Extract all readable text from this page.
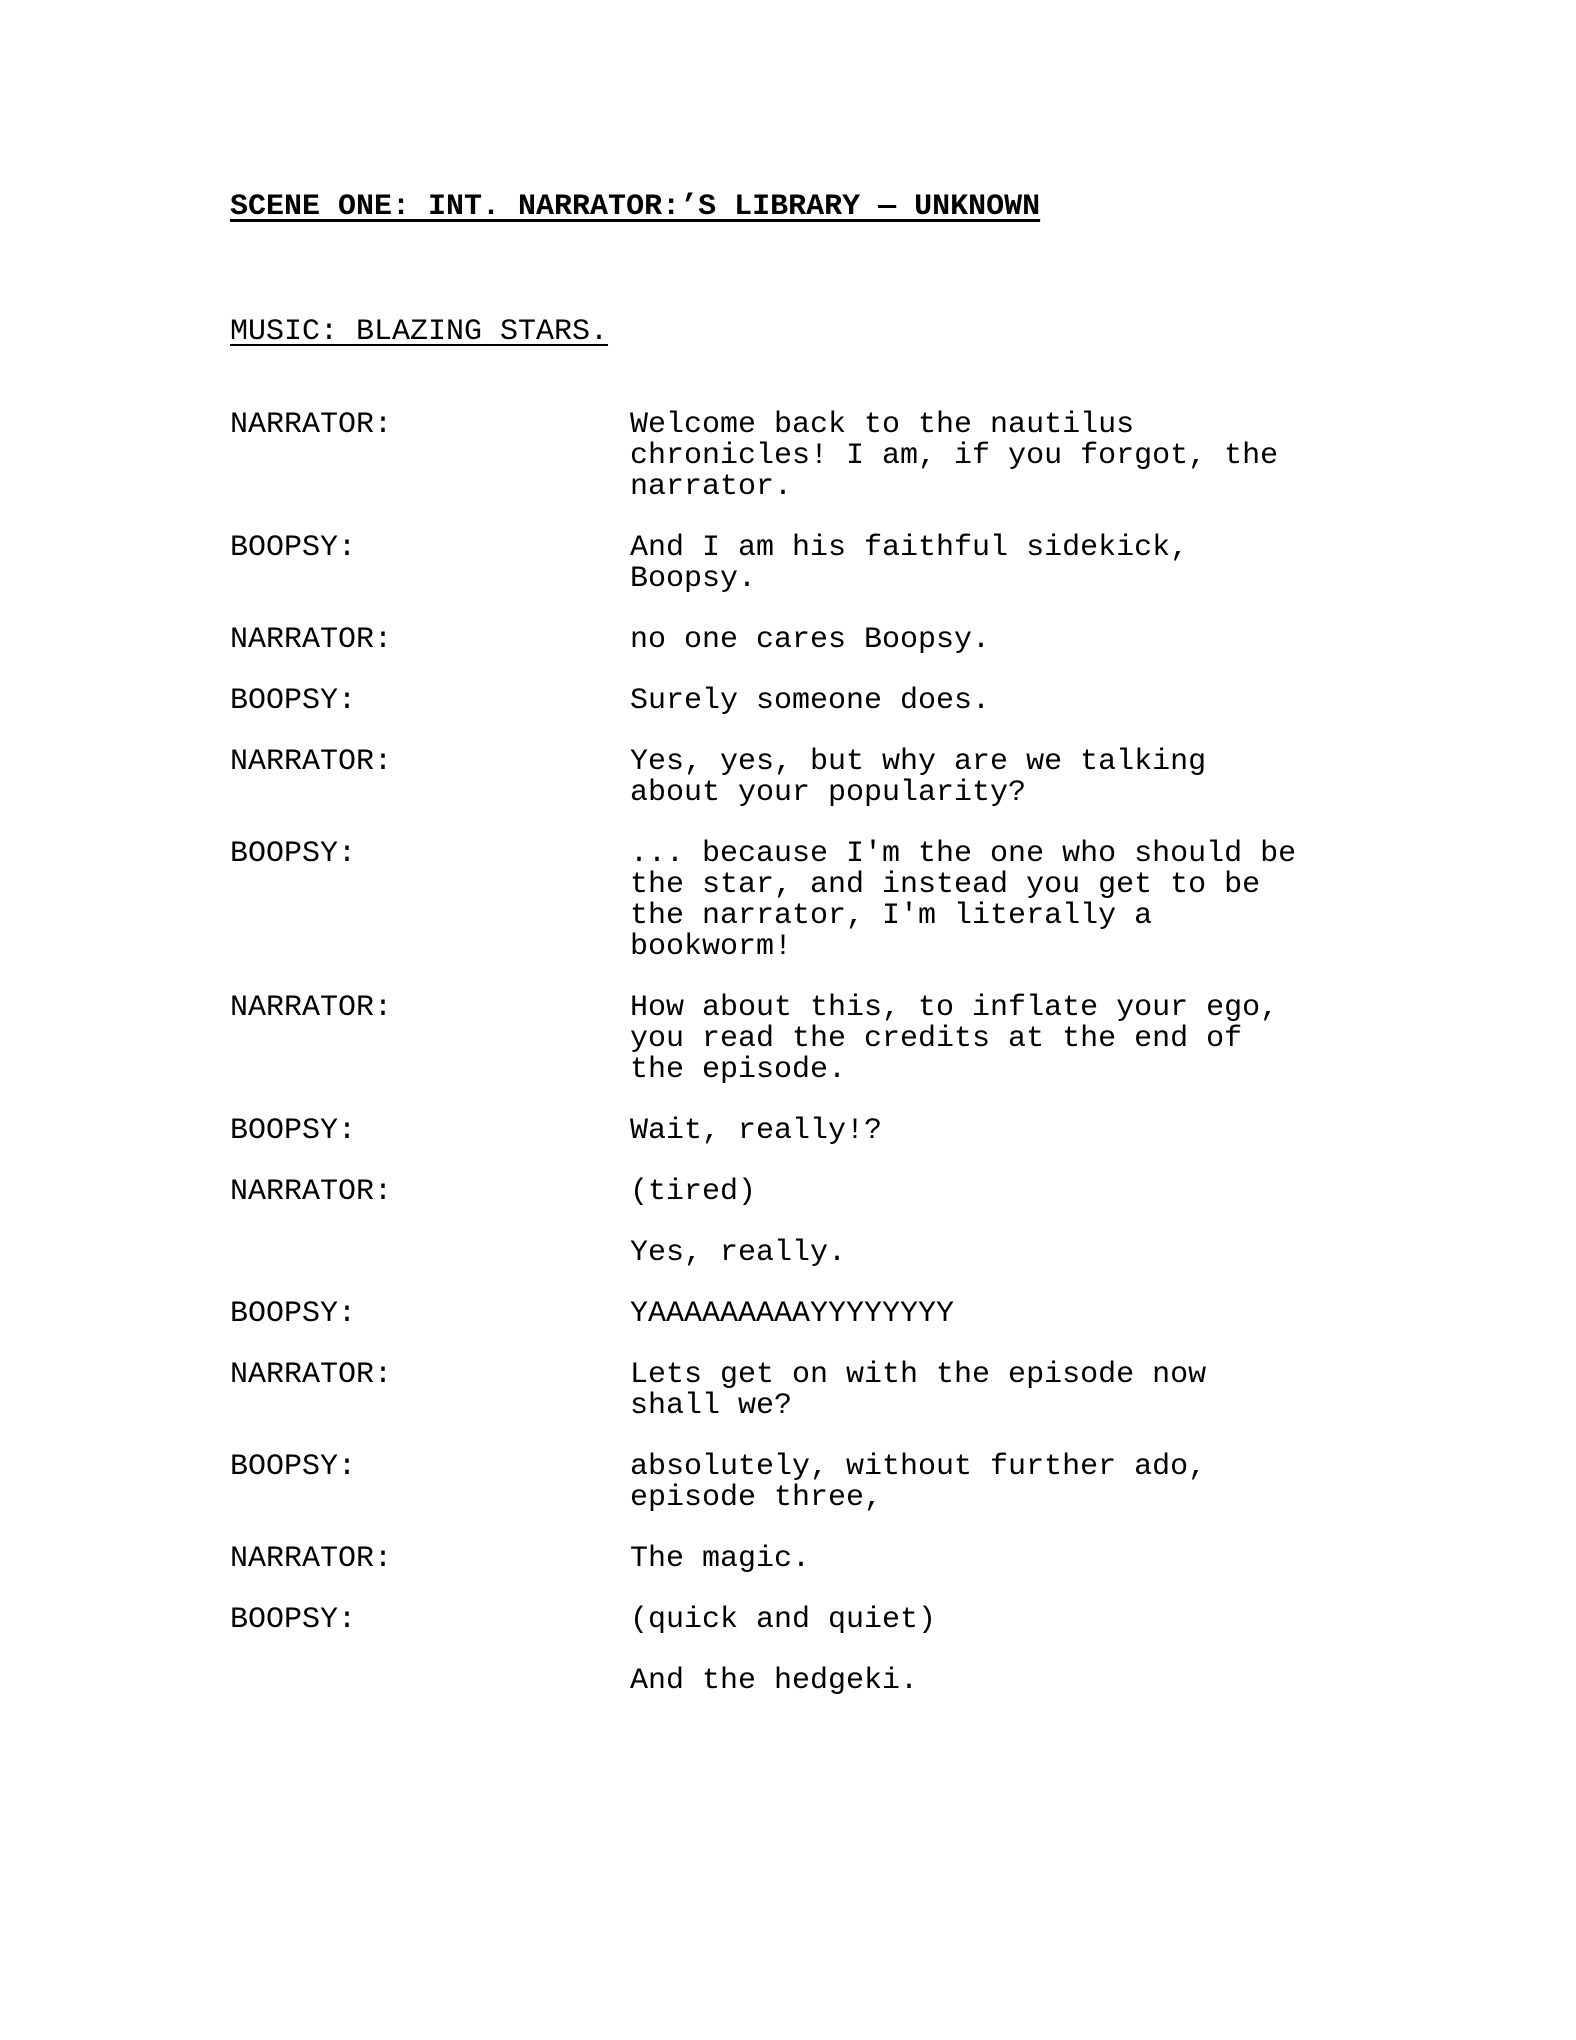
SCENE ONE: INT. NARRATOR:’S LIBRARY — UNKNOWN
MUSIC: BLAZING STARS.
NARRATOR:	Welcome back to the nautilus
chronicles! I am, if you forgot, the
narrator.
BOOPSY:	And I am his faithful sidekick,
Boopsy.
NARRATOR:	no one cares Boopsy.
BOOPSY:	Surely someone does.
NARRATOR:	Yes, yes, but why are we talking
about your popularity?
BOOPSY:	... because I'm the one who should be
the star, and instead you get to be
the narrator, I'm literally a
bookworm!
NARRATOR:	How about this, to inflate your ego,
you read the credits at the end of
the episode.
BOOPSY:	Wait, really!?
NARRATOR:	(tired)
Yes, really.
BOOPSY:	YAAAAAAAAAYYYYYYYY
NARRATOR:	Lets get on with the episode now
shall we?
BOOPSY:	absolutely, without further ado,
episode three,
NARRATOR:	The magic.
BOOPSY:	(quick and quiet)
And the hedgeki.
